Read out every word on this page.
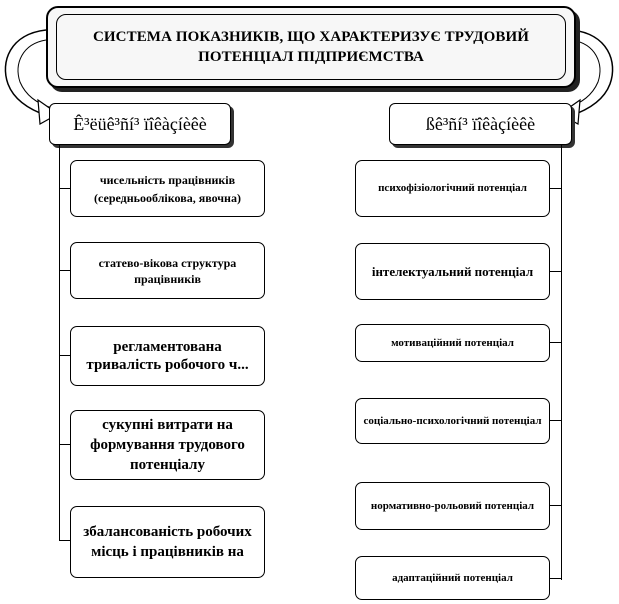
СИСТЕМА ПОКАЗНИКІВ, ЩО ХАРАКТЕРИЗУЄ ТРУДОВИЙ ПОТЕНЦІАЛ ПІДПРИЄМСТВА
Ê³ëüê³ñí³ ïîêàçíèêè	ßê³ñí³ ïîêàçíèêè
чисельність працівників (середньооблікова, явочна)
статево-вікова структура працівників
регламентована тривалість робочого ч...
сукупні витрати на формування трудового потенціалу
збалансованість робочих місць і працівників на
психофізіологічний потенціал
інтелектуальний потенціал
мотиваційний потенціал
соціально-психологічний потенціал
нормативно-рольовий потенціал
адаптаційний потенціал
